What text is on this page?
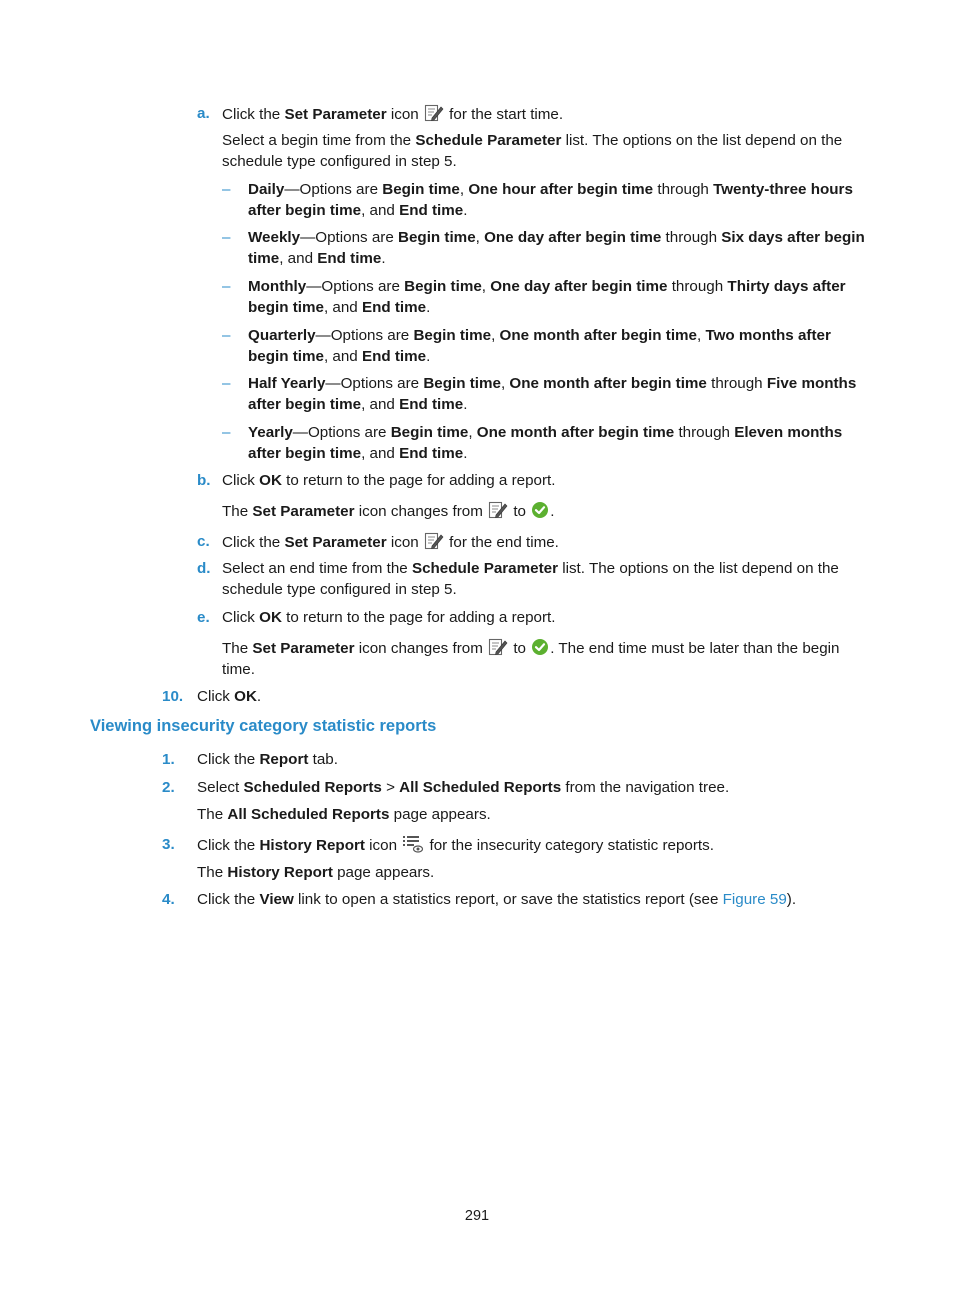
a. Click the Set Parameter icon  for the start time.
Select a begin time from the Schedule Parameter list. The options on the list depend on the schedule type configured in step 5.
– Daily—Options are Begin time, One hour after begin time through Twenty-three hours after begin time, and End time.
– Weekly—Options are Begin time, One day after begin time through Six days after begin time, and End time.
– Monthly—Options are Begin time, One day after begin time through Thirty days after begin time, and End time.
– Quarterly—Options are Begin time, One month after begin time, Two months after begin time, and End time.
– Half Yearly—Options are Begin time, One month after begin time through Five months after begin time, and End time.
– Yearly—Options are Begin time, One month after begin time through Eleven months after begin time, and End time.
b. Click OK to return to the page for adding a report.
The Set Parameter icon changes from  to .
c. Click the Set Parameter icon  for the end time.
d. Select an end time from the Schedule Parameter list. The options on the list depend on the schedule type configured in step 5.
e. Click OK to return to the page for adding a report.
The Set Parameter icon changes from  to . The end time must be later than the begin time.
10. Click OK.
Viewing insecurity category statistic reports
1. Click the Report tab.
2. Select Scheduled Reports > All Scheduled Reports from the navigation tree.
The All Scheduled Reports page appears.
3. Click the History Report icon  for the insecurity category statistic reports.
The History Report page appears.
4. Click the View link to open a statistics report, or save the statistics report (see Figure 59).
291
